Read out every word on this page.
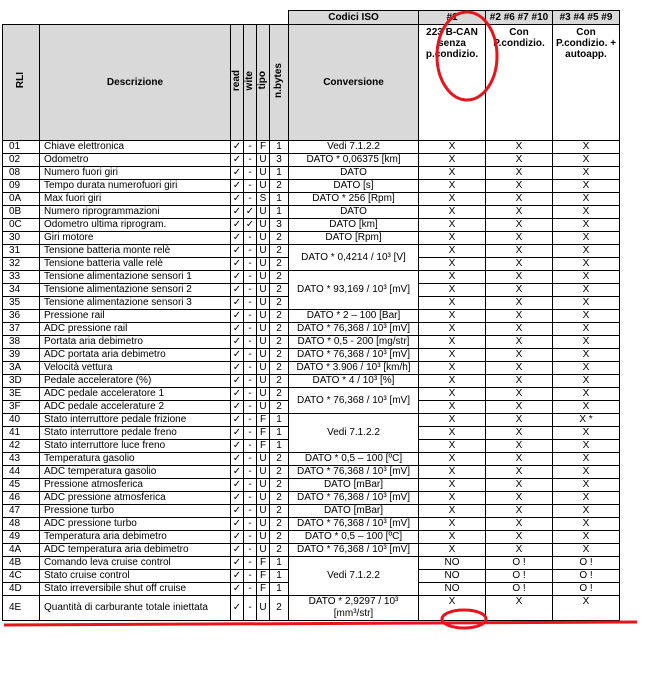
						Codici ISO	#1	#2 #6 #7 #10	#3 #4 #5 #9
RLI	Descrizione	read	wite	tipo	n.bytes	Conversione	223 B-CAN senza p.condizio.	Con P.condizio.	Con P.condizio. + autoapp.
01	Chiave elettronica	✓	-	F	1	Vedi 7.1.2.2	X	X	X
02	Odometro	✓	-	U	3	DATO * 0,06375 [km]	X	X	X
08	Numero fuori giri	✓	-	U	1	DATO	X	X	X
09	Tempo durata numerofuori giri	✓	-	U	2	DATO [s]	X	X	X
0A	Max fuori giri	✓	-	S	1	DATO * 256 [Rpm]	X	X	X
0B	Numero riprogrammazioni	✓	✓	U	1	DATO	X	X	X
0C	Odometro ultima riprogram.	✓	✓	U	3	DATO [km]	X	X	X
30	Giri motore	✓	-	U	2	DATO [Rpm]	X	X	X
31	Tensione batteria monte relè	✓	-	U	2	DATO * 0,4214 / 10³ [V]	X	X	X
32	Tensione batteria valle relè	✓	-	U	2		X	X	X
33	Tensione alimentazione sensori 1	✓	-	U	2	DATO * 93,169 / 10³ [mV]	X	X	X
34	Tensione alimentazione sensori 2	✓	-	U	2		X	X	X
35	Tensione alimentazione sensori 3	✓	-	U	2		X	X	X
36	Pressione rail	✓	-	U	2	DATO * 2 – 100 [Bar]	X	X	X
37	ADC pressione rail	✓	-	U	2	DATO * 76,368 / 10³ [mV]	X	X	X
38	Portata aria debimetro	✓	-	U	2	DATO * 0,5 - 200 [mg/str]	X	X	X
39	ADC portata aria debimetro	✓	-	U	2	DATO * 76,368 / 10³ [mV]	X	X	X
3A	Velocità vettura	✓	-	U	2	DATO * 3.906 / 10³ [km/h]	X	X	X
3D	Pedale acceleratore (%)	✓	-	U	2	DATO * 4 / 10³ [%]	X	X	X
3E	ADC pedale acceleratore 1	✓	-	U	2	DATO * 76,368 / 10³ [mV]	X	X	X
3F	ADC pedale accelerature 2	✓	-	U	2		X	X	X
40	Stato interruttore pedale frizione	✓	-	F	1	Vedi 7.1.2.2	X	X	X *
41	Stato interruttore pedale freno	✓	-	F	1		X	X	X
42	Stato interruttore luce freno	✓	-	F	1		X	X	X
43	Temperatura gasolio	✓	-	U	2	DATO * 0,5 – 100 [ºC]	X	X	X
44	ADC temperatura gasolio	✓	-	U	2	DATO * 76,368 / 10³ [mV]	X	X	X
45	Pressione atmosferica	✓	-	U	2	DATO [mBar]	X	X	X
46	ADC pressione atmosferica	✓	-	U	2	DATO * 76,368 / 10³ [mV]	X	X	X
47	Pressione turbo	✓	-	U	2	DATO [mBar]	X	X	X
48	ADC pressione turbo	✓	-	U	2	DATO * 76,368 / 10³ [mV]	X	X	X
49	Temperatura aria debimetro	✓	-	U	2	DATO * 0,5 – 100 [ºC]	X	X	X
4A	ADC temperatura aria debimetro	✓	-	U	2	DATO * 76,368 / 10³ [mV]	X	X	X
4B	Comando leva cruise control	✓	-	F	1	Vedi 7.1.2.2	NO	O !	O !
4C	Stato cruise control	✓	-	F	1		NO	O !	O !
4D	Stato irreversibile shut off cruise	✓	-	F	1		NO	O !	O !
4E	Quantità di carburante totale iniettata	✓	-	U	2	DATO * 2,9297 / 10³ [mm³/str]	X	X	X
